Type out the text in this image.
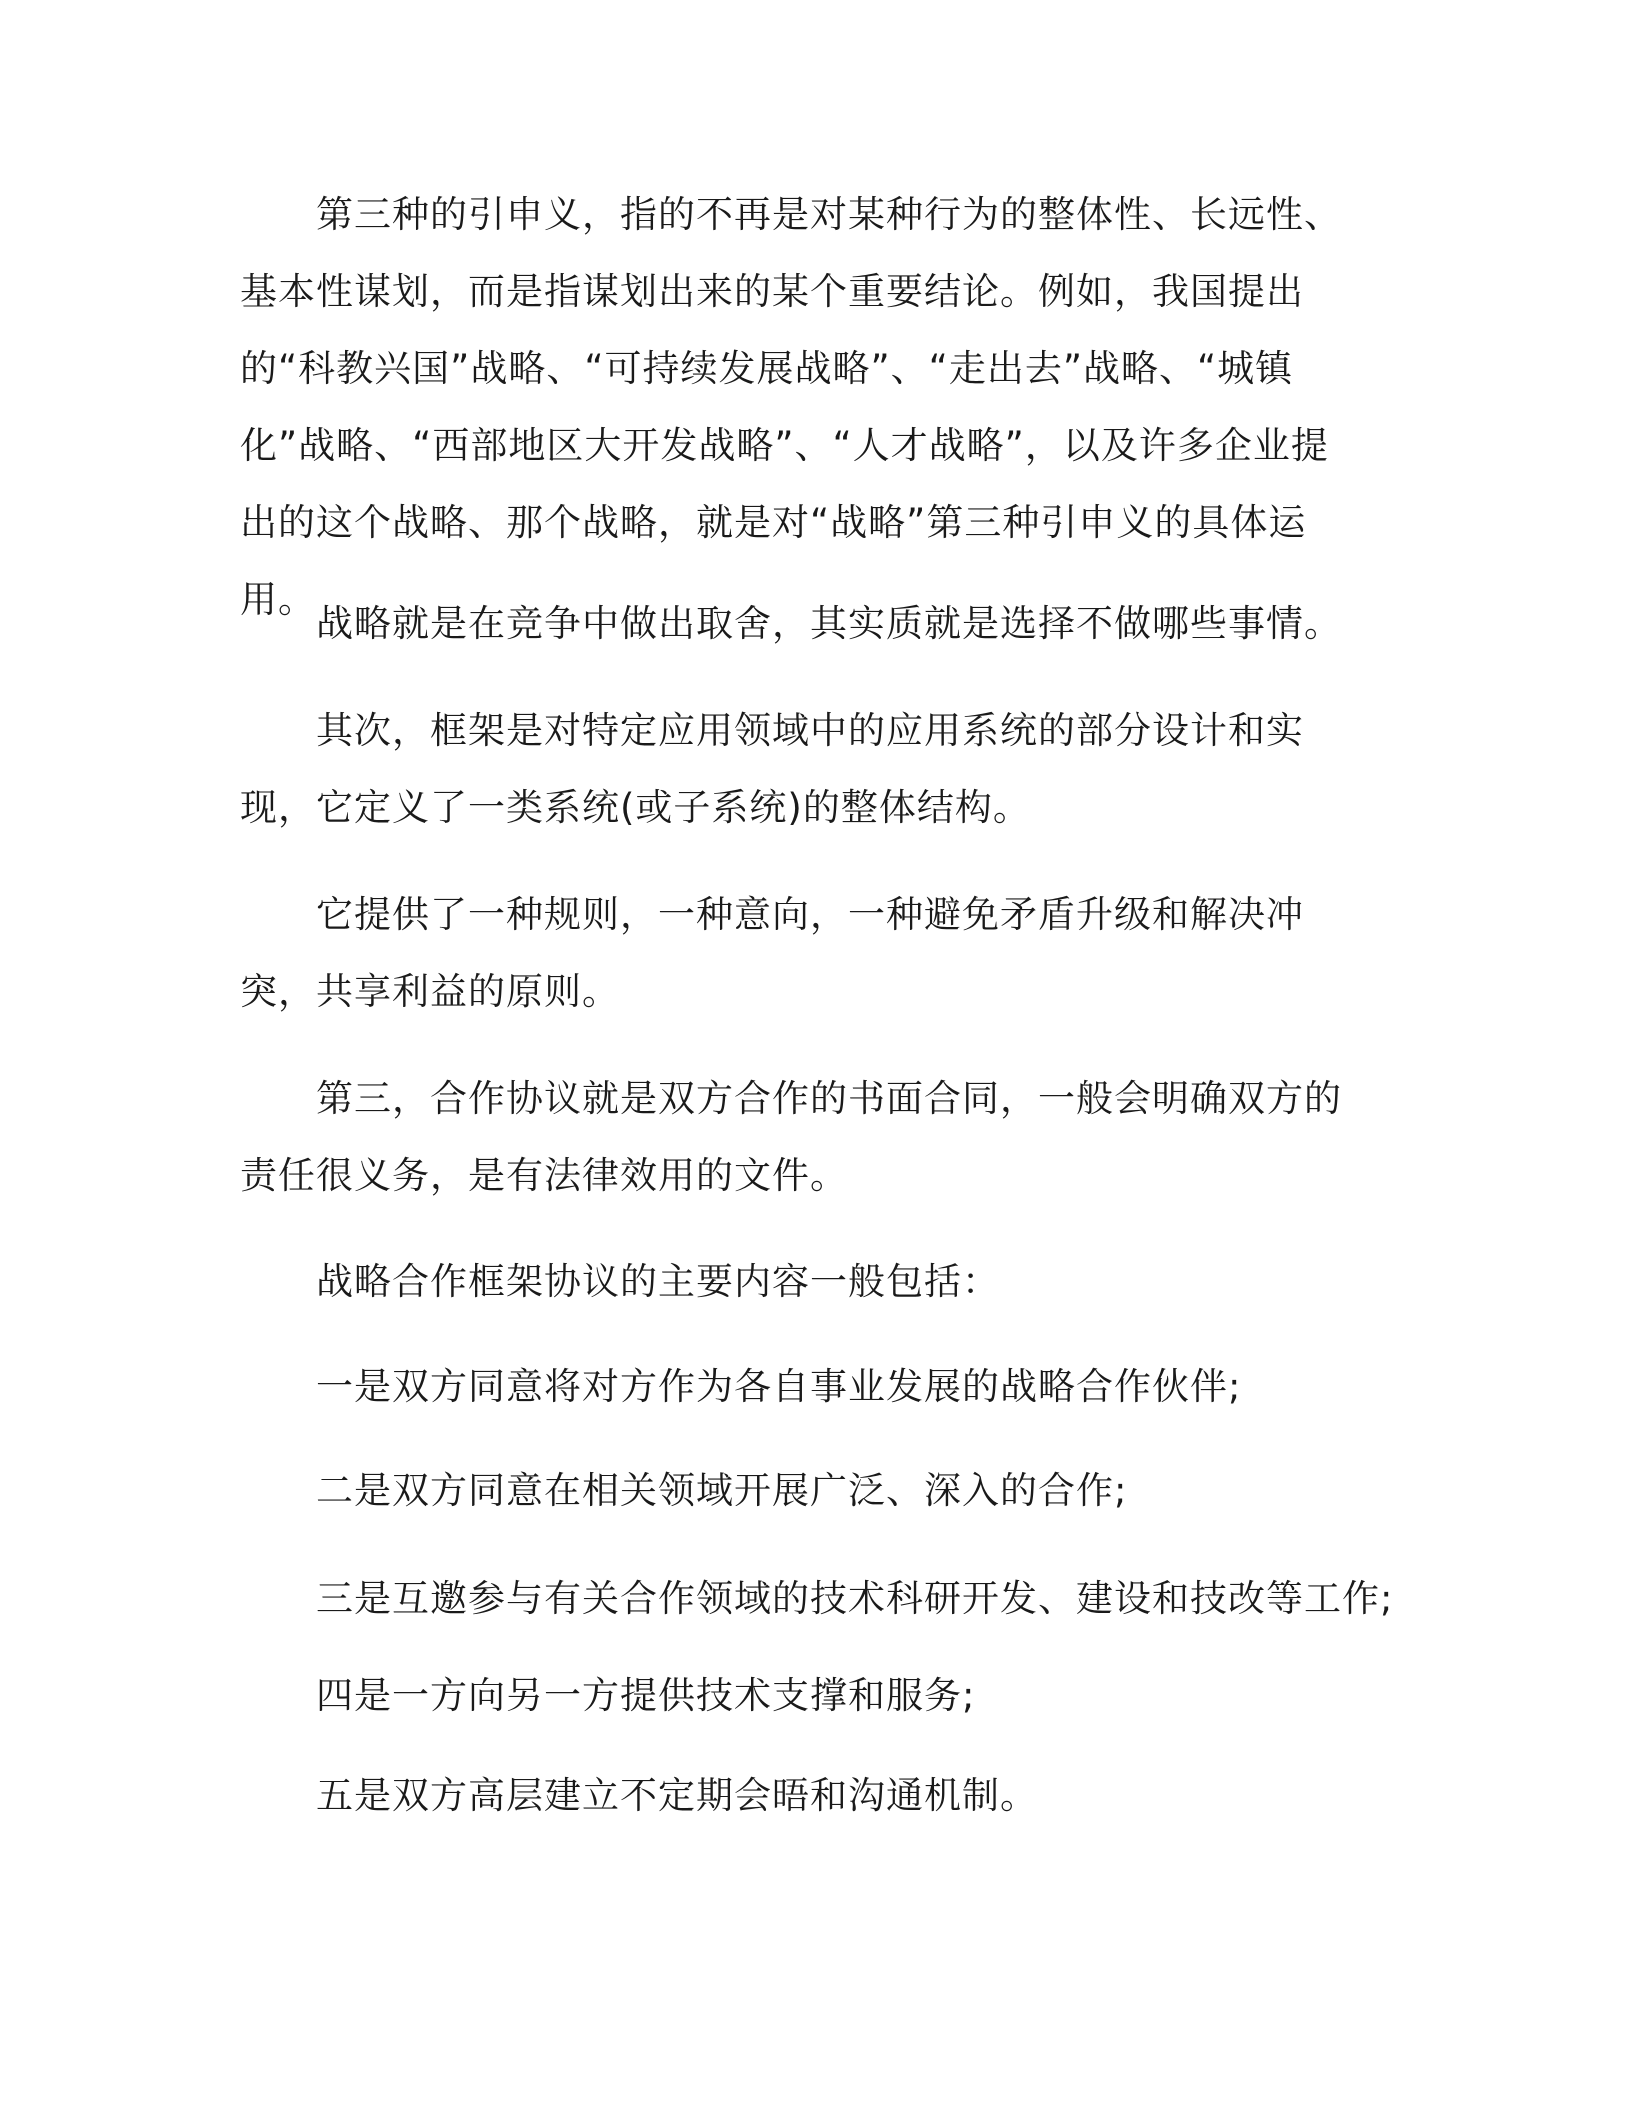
第三种的引申义，指的不再是对某种行为的整体性、长远性、基本性谋划，而是指谋划出来的某个重要结论。例如，我国提出的“科教兴国”战略、“可持续发展战略”、“走出去”战略、“城镇化”战略、“西部地区大开发战略”、“人才战略”，以及许多企业提出的这个战略、那个战略，就是对“战略”第三种引申义的具体运用。

战略就是在竞争中做出取舍，其实质就是选择不做哪些事情。

其次，框架是对特定应用领域中的应用系统的部分设计和实现，它定义了一类系统(或子系统)的整体结构。

它提供了一种规则，一种意向，一种避免矛盾升级和解决冲突，共享利益的原则。

第三，合作协议就是双方合作的书面合同，一般会明确双方的责任很义务，是有法律效用的文件。

战略合作框架协议的主要内容一般包括：

一是双方同意将对方作为各自事业发展的战略合作伙伴;

二是双方同意在相关领域开展广泛、深入的合作;

三是互邀参与有关合作领域的技术科研开发、建设和技改等工作;

四是一方向另一方提供技术支撑和服务;

五是双方高层建立不定期会晤和沟通机制。
